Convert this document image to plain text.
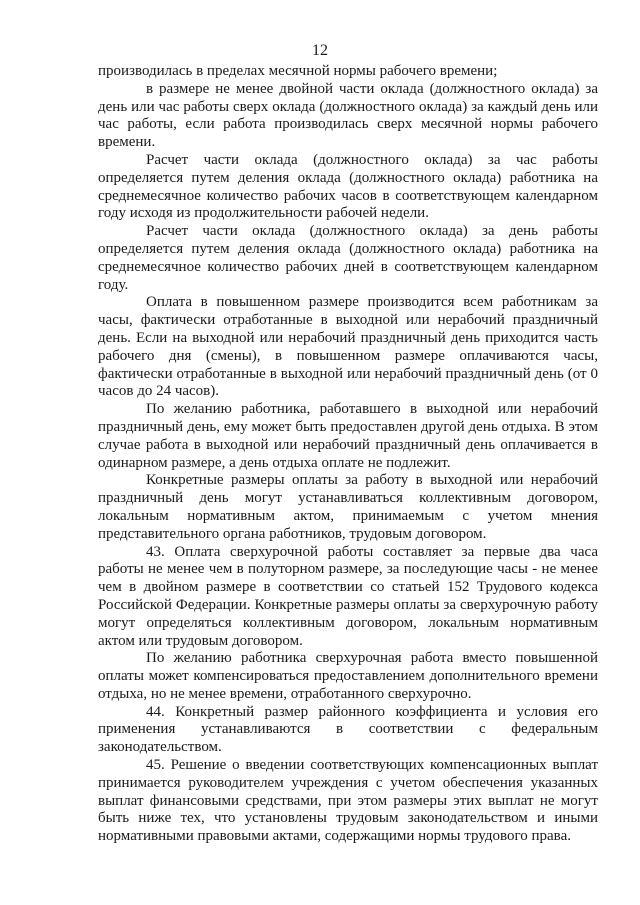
12

производилась в пределах месячной нормы рабочего времени;

в размере не менее двойной части оклада (должностного оклада) за день или час работы сверх оклада (должностного оклада) за каждый день или час работы, если работа производилась сверх месячной нормы рабочего времени.

Расчет части оклада (должностного оклада) за час работы определяется путем деления оклада (должностного оклада) работника на среднемесячное количество рабочих часов в соответствующем календарном году исходя из продолжительности рабочей недели.

Расчет части оклада (должностного оклада) за день работы определяется путем деления оклада (должностного оклада) работника на среднемесячное количество рабочих дней в соответствующем календарном году.

Оплата в повышенном размере производится всем работникам за часы, фактически отработанные в выходной или нерабочий праздничный день. Если на выходной или нерабочий праздничный день приходится часть рабочего дня (смены), в повышенном размере оплачиваются часы, фактически отработанные в выходной или нерабочий праздничный день (от 0 часов до 24 часов).

По желанию работника, работавшего в выходной или нерабочий праздничный день, ему может быть предоставлен другой день отдыха. В этом случае работа в выходной или нерабочий праздничный день оплачивается в одинарном размере, а день отдыха оплате не подлежит.

Конкретные размеры оплаты за работу в выходной или нерабочий праздничный день могут устанавливаться коллективным договором, локальным нормативным актом, принимаемым с учетом мнения представительного органа работников, трудовым договором.

43. Оплата сверхурочной работы составляет за первые два часа работы не менее чем в полуторном размере, за последующие часы - не менее чем в двойном размере в соответствии со статьей 152 Трудового кодекса Российской Федерации. Конкретные размеры оплаты за сверхурочную работу могут определяться коллективным договором, локальным нормативным актом или трудовым договором.

По желанию работника сверхурочная работа вместо повышенной оплаты может компенсироваться предоставлением дополнительного времени отдыха, но не менее времени, отработанного сверхурочно.

44. Конкретный размер районного коэффициента и условия его применения устанавливаются в соответствии с федеральным законодательством.

45. Решение о введении соответствующих компенсационных выплат принимается руководителем учреждения с учетом обеспечения указанных выплат финансовыми средствами, при этом размеры этих выплат не могут быть ниже тех, что установлены трудовым законодательством и иными нормативными правовыми актами, содержащими нормы трудового права.
